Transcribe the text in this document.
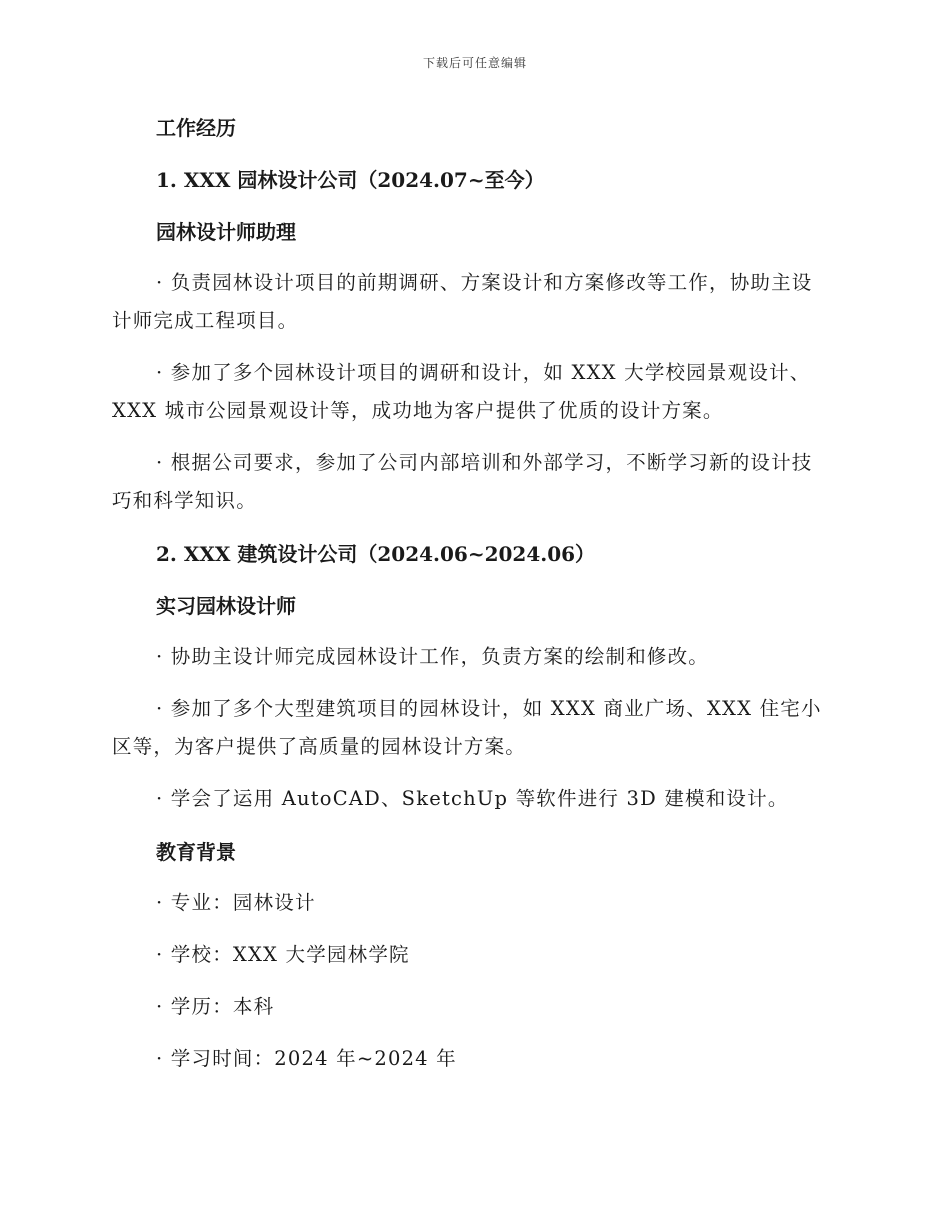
下载后可任意编辑
工作经历
1. XXX 园林设计公司（2024.07~至今）
园林设计师助理

· 负责园林设计项目的前期调研、方案设计和方案修改等工作，协助主设计师完成工程项目。

· 参加了多个园林设计项目的调研和设计，如 XXX 大学校园景观设计、XXX 城市公园景观设计等，成功地为客户提供了优质的设计方案。

· 根据公司要求，参加了公司内部培训和外部学习，不断学习新的设计技巧和科学知识。

2. XXX 建筑设计公司（2024.06~2024.06）
实习园林设计师

· 协助主设计师完成园林设计工作，负责方案的绘制和修改。

· 参加了多个大型建筑项目的园林设计，如 XXX 商业广场、XXX 住宅小区等，为客户提供了高质量的园林设计方案。

· 学会了运用 AutoCAD、SketchUp 等软件进行 3D 建模和设计。

教育背景
· 专业：园林设计
· 学校：XXX 大学园林学院
· 学历：本科
· 学习时间：2024 年~2024 年
